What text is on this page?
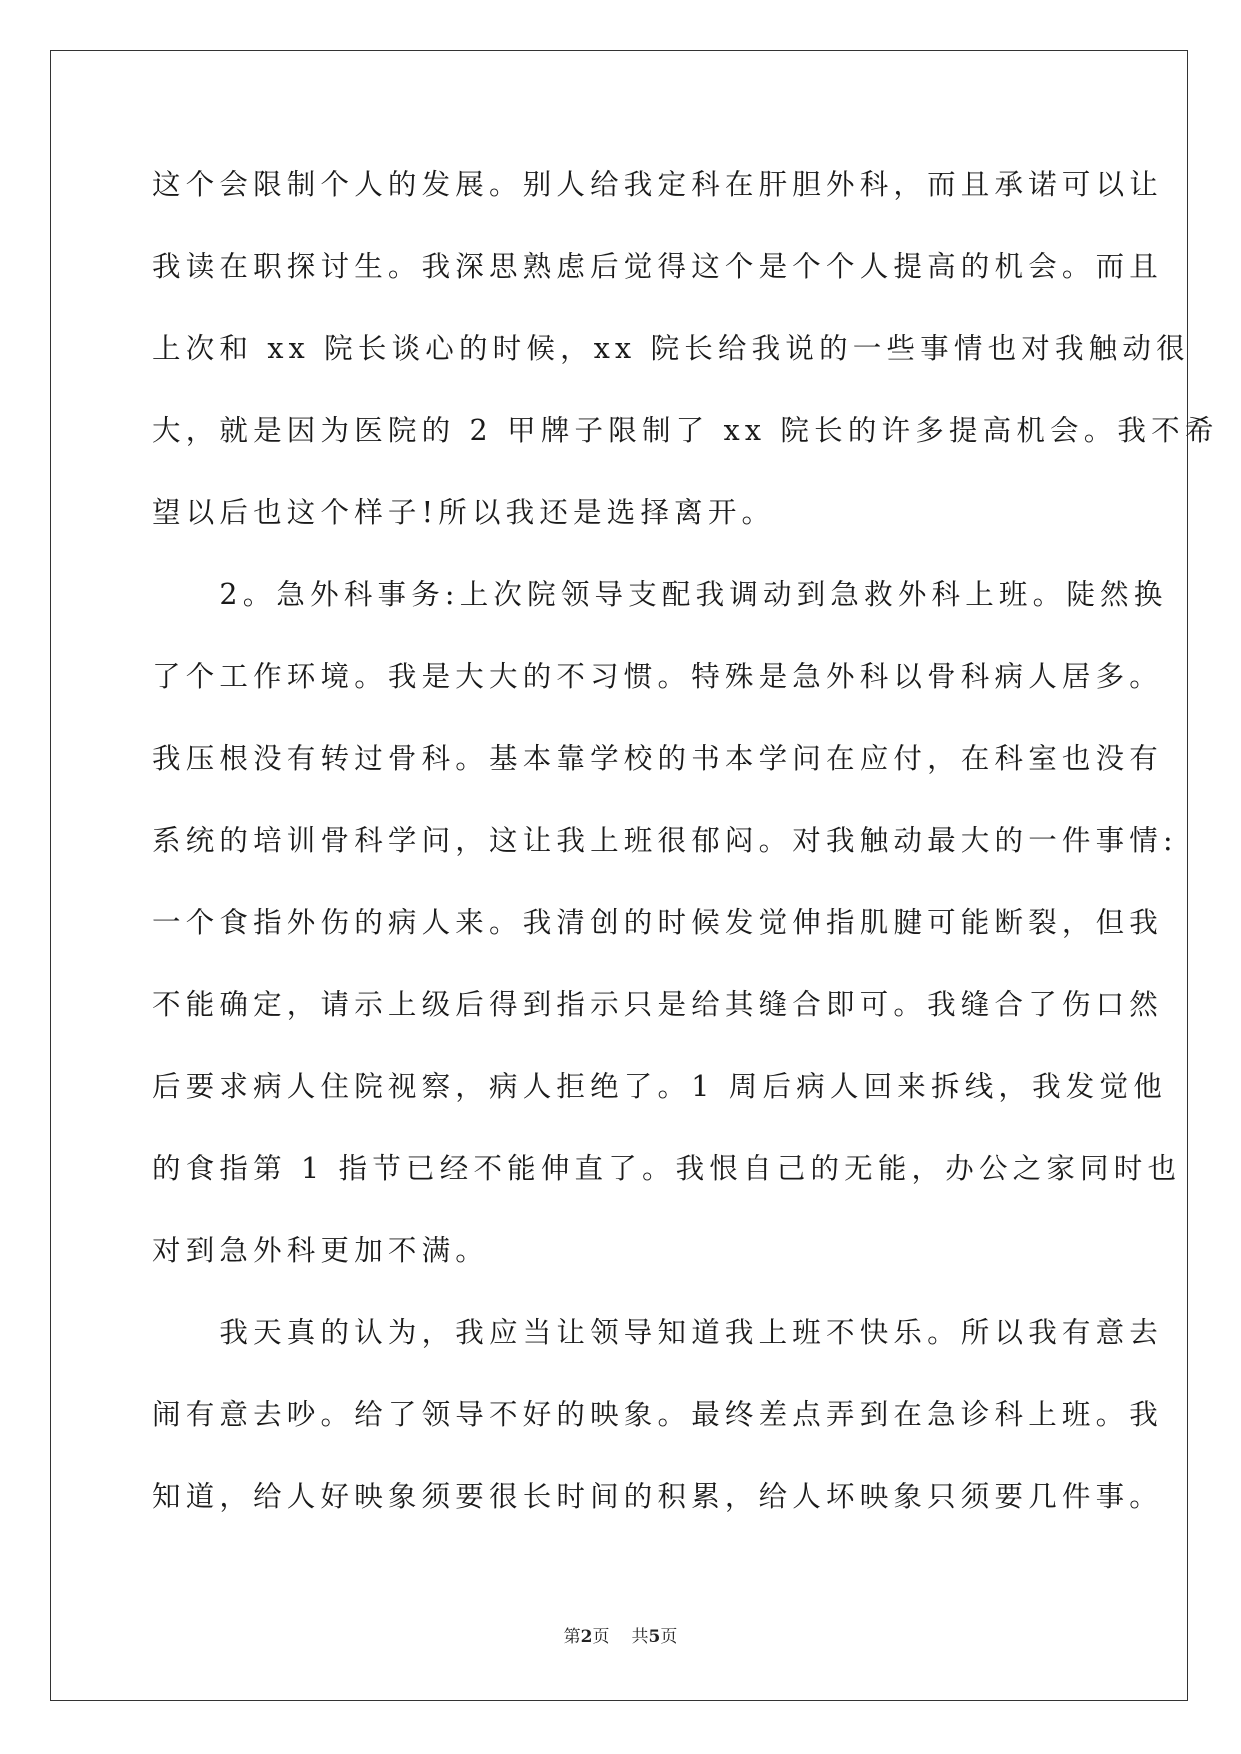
这个会限制个人的发展。别人给我定科在肝胆外科，而且承诺可以让
我读在职探讨生。我深思熟虑后觉得这个是个个人提高的机会。而且
上次和 xx 院长谈心的时候，xx 院长给我说的一些事情也对我触动很
大，就是因为医院的 2 甲牌子限制了 xx 院长的许多提高机会。我不希
望以后也这个样子!所以我还是选择离开。
　　2。急外科事务:上次院领导支配我调动到急救外科上班。陡然换
了个工作环境。我是大大的不习惯。特殊是急外科以骨科病人居多。
我压根没有转过骨科。基本靠学校的书本学问在应付，在科室也没有
系统的培训骨科学问，这让我上班很郁闷。对我触动最大的一件事情:
一个食指外伤的病人来。我清创的时候发觉伸指肌腱可能断裂，但我
不能确定，请示上级后得到指示只是给其缝合即可。我缝合了伤口然
后要求病人住院视察，病人拒绝了。1 周后病人回来拆线，我发觉他
的食指第 1 指节已经不能伸直了。我恨自己的无能，办公之家同时也
对到急外科更加不满。
　　我天真的认为，我应当让领导知道我上班不快乐。所以我有意去
闹有意去吵。给了领导不好的映象。最终差点弄到在急诊科上班。我
知道，给人好映象须要很长时间的积累，给人坏映象只须要几件事。
第2页 共5页
